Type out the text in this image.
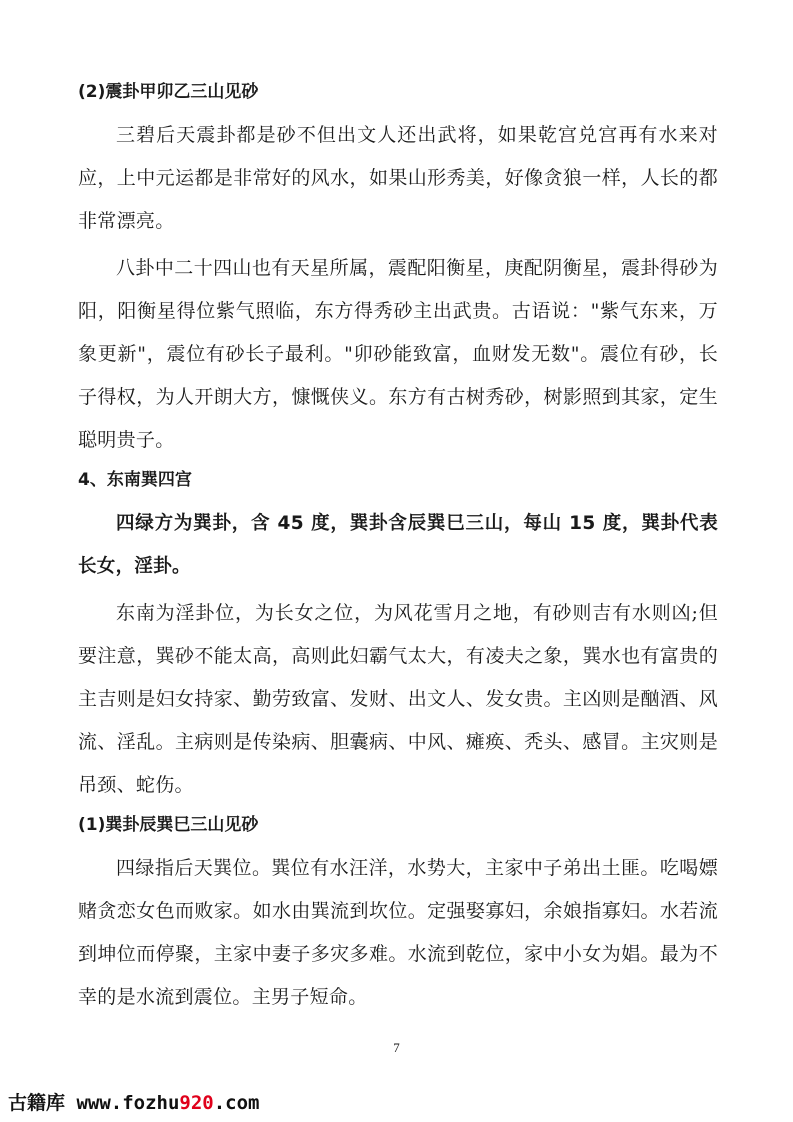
(2)震卦甲卯乙三山见砂

三碧后天震卦都是砂不但出文人还出武将，如果乾宫兑宫再有水来对应，上中元运都是非常好的风水，如果山形秀美，好像贪狼一样，人长的都非常漂亮。

八卦中二十四山也有天星所属，震配阳衡星，庚配阴衡星，震卦得砂为阳，阳衡星得位紫气照临，东方得秀砂主出武贵。古语说："紫气东来，万象更新"，震位有砂长子最利。"卯砂能致富，血财发无数"。震位有砂，长子得权，为人开朗大方，慷慨侠义。东方有古树秀砂，树影照到其家，定生聪明贵子。

4、东南巽四宫

四绿方为巽卦，含 45 度，巽卦含辰巽巳三山，每山 15 度，巽卦代表长女，淫卦。

东南为淫卦位，为长女之位，为风花雪月之地，有砂则吉有水则凶;但要注意，巽砂不能太高，高则此妇霸气太大，有凌夫之象，巽水也有富贵的主吉则是妇女持家、勤劳致富、发财、出文人、发女贵。主凶则是酗酒、风流、淫乱。主病则是传染病、胆囊病、中风、瘫痪、秃头、感冒。主灾则是吊颈、蛇伤。

(1)巽卦辰巽巳三山见砂

四绿指后天巽位。巽位有水汪洋，水势大，主家中子弟出土匪。吃喝嫖赌贪恋女色而败家。如水由巽流到坎位。定强娶寡妇，余娘指寡妇。水若流到坤位而停聚，主家中妻子多灾多难。水流到乾位，家中小女为娼。最为不幸的是水流到震位。主男子短命。

7
古籍库 www.fozhu920.com
